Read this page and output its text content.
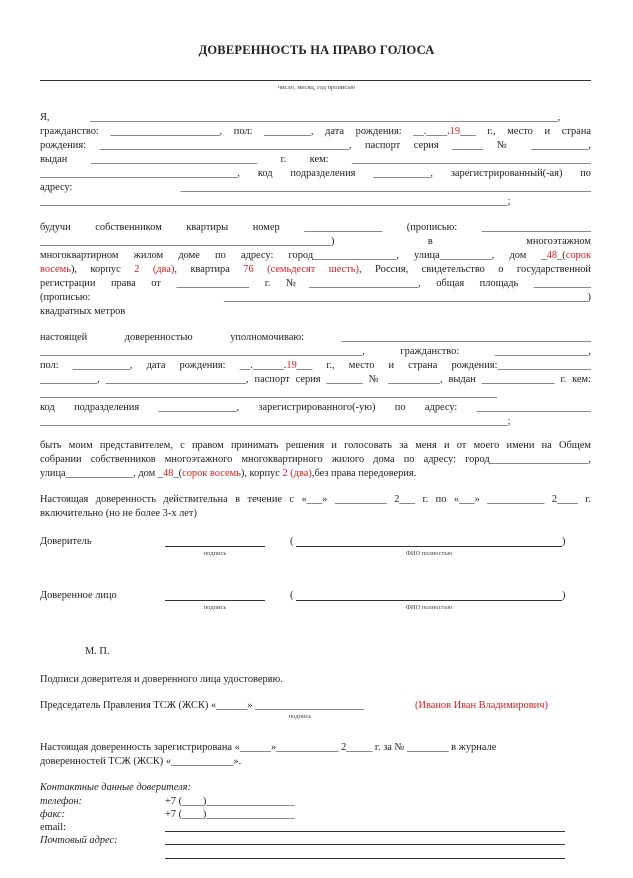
ДОВЕРЕННОСТЬ НА ПРАВО ГОЛОСА
число, месяц, год прописью
Я,	__________________________________________________________________________________________,
гражданство: _____________________, пол: _________, дата рождения: __.____.19___ г., место и страна
рождения: ________________________________________________, паспорт серия ______ № ___________,
выдан ________________________________ г. кем: ______________________________________________
______________________________________, код подразделения ___________, зарегистрированный(-ая) по
адресу: _______________________________________________________________________________
__________________________________________________________________________________________;
будучи собственником квартиры номер _______________ (прописью: _____________________
________________________________________________________) в многоэтажном
многоквартирном жилом доме по адресу: город________________, улица__________, дом _48_(сорок
восемь), корпус 2 (два), квартира 76 (семьдесят шесть), Россия, свидетельство о государственной
регистрации права от ______________ г. №_____________________, общая площадь ___________
(прописью: ______________________________________________________________________)
квадратных метров
настоящей доверенностью уполномочиваю: ________________________________________________
______________________________________________________________, гражданство: __________________,
пол: ___________, дата рождения: __.______.19___ г., место и страна рождения:__________________
___________, ___________________________, паспорт серия _______ № __________, выдан ______________ г. кем:
________________________________________________________________________________________
код подразделения _______________, зарегистрированного(-ую) по адресу: ______________________
__________________________________________________________________________________________;
быть моим представителем, с правом принимать решения и голосовать за меня и от моего имени на Общем
собрании собственников многоэтажного многоквартирного жилого дома по адресу: город___________________,
улица_____________, дом _48_(сорок восемь), корпус 2 (два),без права передоверия.
Настоящая доверенность действительна в течение с «___» __________ 2___ г. по «___» ___________ 2____ г.
включительно (но не более 3-х лет)
Доверитель
подпись
(	)
ФИО полностью
Доверенное лицо
подпись
(	)
ФИО полностью
М. П.
Подписи доверителя и доверенного лица удостоверяю.
Председатель Правления ТСЖ (ЖСК) «______» _____________________	(Иванов Иван Владимирович)
подпись
Настоящая доверенность зарегистрирована «______»____________ 2_____ г. за № ________ в журнале
доверенностей ТСЖ (ЖСК) «____________».
Контактные данные доверителя:
телефон:	+7 (____)_________________
факс:	+7 (____)_________________
email:
Почтовый адрес:
